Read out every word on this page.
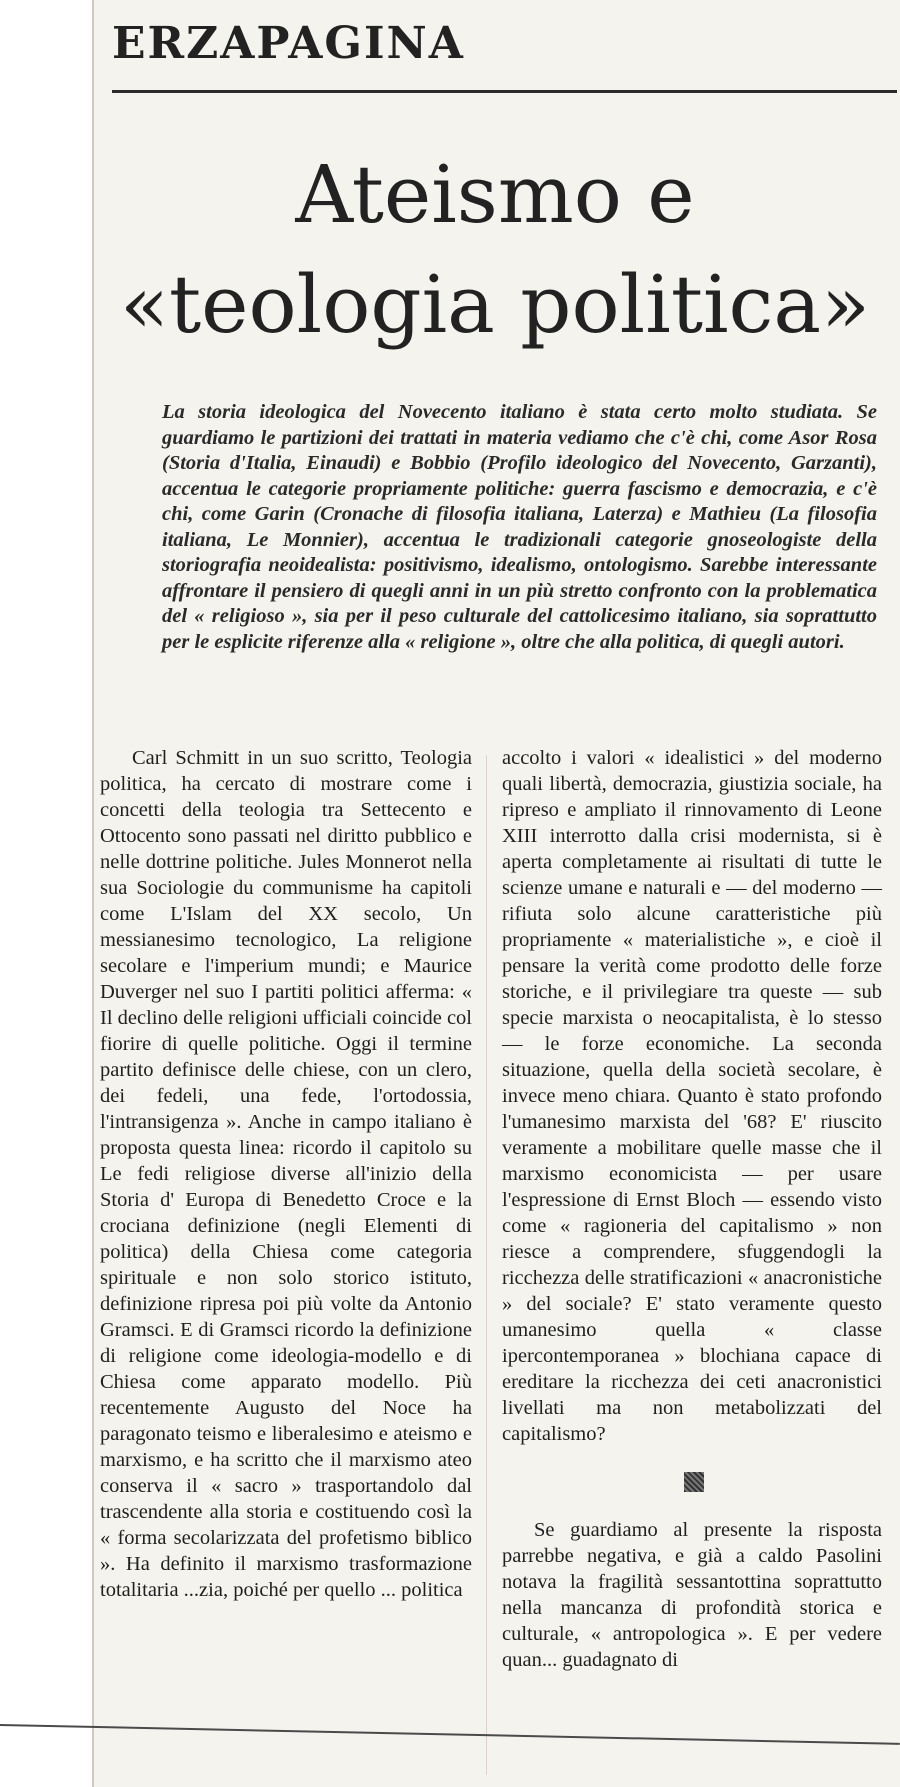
ERZAPAGINA
Ateismo e
«teologia politica»

La storia ideologica del Novecento italiano è stata certo molto studiata. Se guardiamo le partizioni dei trattati in materia vediamo che c'è chi, come Asor Rosa (Storia d'Italia, Einaudi) e Bobbio (Profilo ideologico del Novecento, Garzanti), accentua le categorie propriamente politiche: guerra fascismo e democrazia, e c'è chi, come Garin (Cronache di filosofia italiana, Laterza) e Mathieu (La filosofia italiana, Le Monnier), accentua le tradizionali categorie gnoseologiste della storiografia neoidealista: positivismo, idealismo, ontologismo. Sarebbe interessante affrontare il pensiero di quegli anni in un più stretto confronto con la problematica del « religioso », sia per il peso culturale del cattolicesimo italiano, sia soprattutto per le esplicite riferenze alla « religione », oltre che alla politica, di quegli autori.

Carl Schmitt in un suo scritto, Teologia politica, ha cercato di mostrare come i concetti della teologia tra Settecento e Ottocento sono passati nel diritto pubblico e nelle dottrine politiche. Jules Monnerot nella sua Sociologie du communisme ha capitoli come L'Islam del XX secolo, Un messianesimo tecnologico, La religione secolare e l'imperium mundi; e Maurice Duverger nel suo I partiti politici afferma: « Il declino delle religioni ufficiali coincide col fiorire di quelle politiche. Oggi il termine partito definisce delle chiese, con un clero, dei fedeli, una fede, l'ortodossia, l'intransigenza ». Anche in campo italiano è proposta questa linea: ricordo il capitolo su Le fedi religiose diverse all'inizio della Storia d' Europa di Benedetto Croce e la crociana definizione (negli Elementi di politica) della Chiesa come categoria spirituale e non solo storico istituto, definizione ripresa poi più volte da Antonio Gramsci. E di Gramsci ricordo la definizione di religione come ideologia-modello e di Chiesa come apparato modello. Più recentemente Augusto del Noce ha paragonato teismo e liberalesimo e ateismo e marxismo, e ha scritto che il marxismo ateo conserva il « sacro » trasportandolo dal trascendente alla storia e costituendo così la « forma secolarizzata del profetismo biblico ». Ha definito il marxismo trasformazione totalitaria ...zia, poiché per quello ... politica

accolto i valori « idealistici » del moderno quali libertà, democrazia, giustizia sociale, ha ripreso e ampliato il rinnovamento di Leone XIII interrotto dalla crisi modernista, si è aperta completamente ai risultati di tutte le scienze umane e naturali e — del moderno — rifiuta solo alcune caratteristiche più propriamente « materialistiche », e cioè il pensare la verità come prodotto delle forze storiche, e il privilegiare tra queste — sub specie marxista o neocapitalista, è lo stesso — le forze economiche. La seconda situazione, quella della società secolare, è invece meno chiara. Quanto è stato profondo l'umanesimo marxista del '68? E' riuscito veramente a mobilitare quelle masse che il marxismo economicista — per usare l'espressione di Ernst Bloch — essendo visto come « ragioneria del capitalismo » non riesce a comprendere, sfuggendogli la ricchezza delle stratificazioni « anacronistiche » del sociale? E' stato veramente questo umanesimo quella « classe ipercontemporanea » blochiana capace di ereditare la ricchezza dei ceti anacronistici livellati ma non metabolizzati del capitalismo?

Se guardiamo al presente la risposta parrebbe negativa, e già a caldo Pasolini notava la fragilità sessantottina soprattutto nella mancanza di profondità storica e culturale, « antropologica ». E per vedere quan... guadagnato di
